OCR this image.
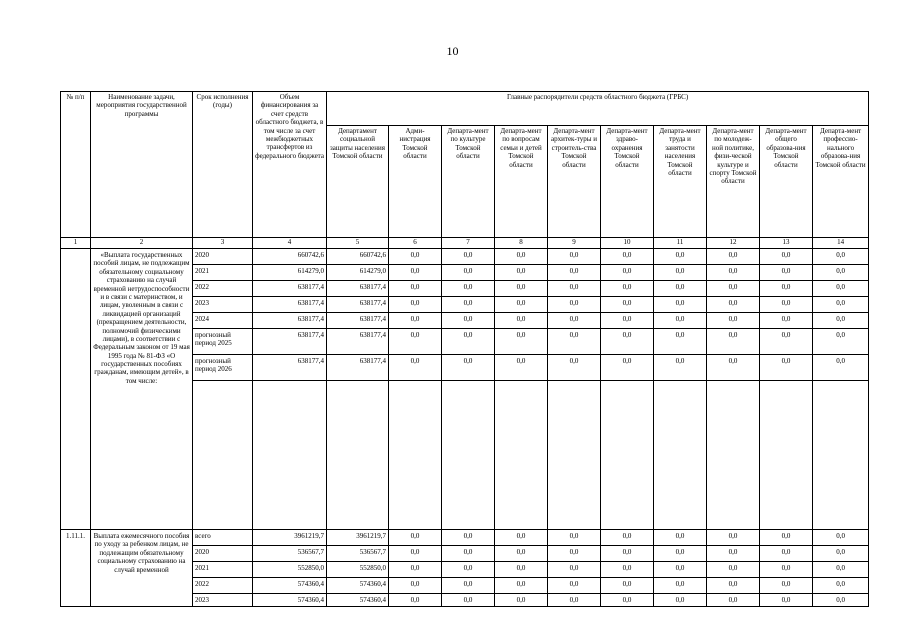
10
№ п/п	Наименование задачи, мероприятия государственной программы	Срок исполнения (годы)	Объем финансирования за счет средств областного бюджета, в том числе за счет межбюджетных трансфертов из федерального бюджета	Главные распорядители средств областного бюджета (ГРБС)									
				Департамент социальной защиты населения Томской области	Адми-нистрация Томской области	Департа-мент по культуре Томской области	Департа-мент по вопросам семьи и детей Томской области	Департа-мент архитек-туры и строитель-ства Томской области	Департа-мент здраво-охранения Томской области	Департа-мент труда и занятости населения Томской области	Департа-мент по молодеж-ной политике, физи-ческой культуре и спорту Томской области	Департа-мент общего образова-ния Томской области	Департа-мент профессио-нального образова-ния Томской области
1	2	3	4	5	6	7	8	9	10	11	12	13	14
	«Выплата государственных пособий лицам, не подлежащим обязательному социальному страхованию на случай временной нетрудоспособности и в связи с материнством, и лицам, уволенным в связи с ликвидацией организаций (прекращением деятельности, полномочий физическими лицами), в соответствии с Федеральным законом от 19 мая 1995 года № 81-ФЗ «О государственных пособиях гражданам, имеющим детей», в том числе:	2020	660742,6	660742,6	0,0	0,0	0,0	0,0	0,0	0,0	0,0	0,0	0,0
		2021	614279,0	614279,0	0,0	0,0	0,0	0,0	0,0	0,0	0,0	0,0	0,0
		2022	638177,4	638177,4	0,0	0,0	0,0	0,0	0,0	0,0	0,0	0,0	0,0
		2023	638177,4	638177,4	0,0	0,0	0,0	0,0	0,0	0,0	0,0	0,0	0,0
		2024	638177,4	638177,4	0,0	0,0	0,0	0,0	0,0	0,0	0,0	0,0	0,0
		прогнозный период 2025	638177,4	638177,4	0,0	0,0	0,0	0,0	0,0	0,0	0,0	0,0	0,0
		прогнозный период 2026	638177,4	638177,4	0,0	0,0	0,0	0,0	0,0	0,0	0,0	0,0	0,0

1.11.1.	Выплата ежемесячного пособия по уходу за ребенком лицам, не подлежащим обязательному социальному страхованию на случай временной	всего	3961219,7	3961219,7	0,0	0,0	0,0	0,0	0,0	0,0	0,0	0,0	0,0
		2020	536567,7	536567,7	0,0	0,0	0,0	0,0	0,0	0,0	0,0	0,0	0,0
		2021	552850,0	552850,0	0,0	0,0	0,0	0,0	0,0	0,0	0,0	0,0	0,0
		2022	574360,4	574360,4	0,0	0,0	0,0	0,0	0,0	0,0	0,0	0,0	0,0
		2023	574360,4	574360,4	0,0	0,0	0,0	0,0	0,0	0,0	0,0	0,0	0,0
